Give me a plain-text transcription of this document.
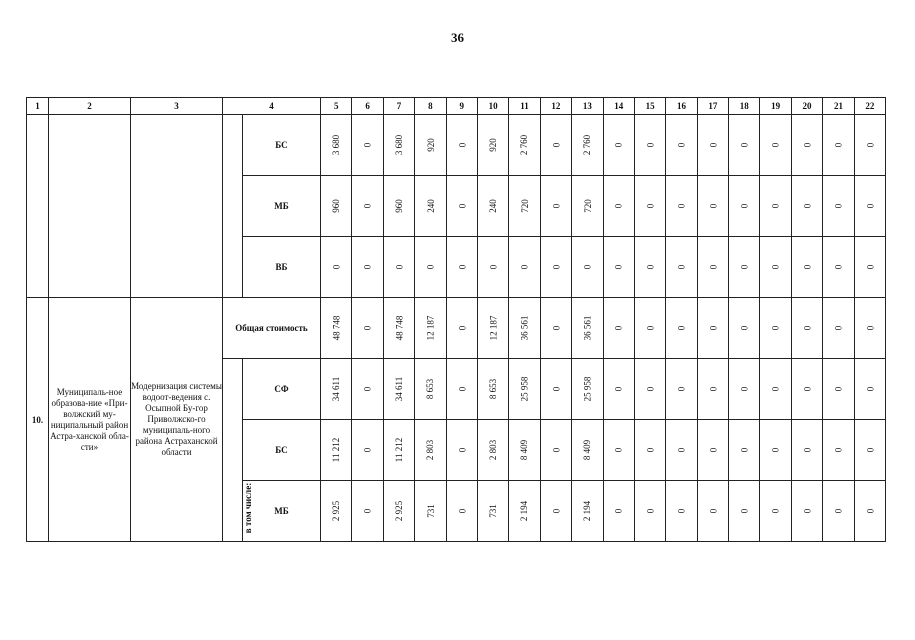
36
1	2	3	4		5	6	7	8	9	10	11	12	13	14	15	16	17	18	19	20	21	22
				БС	3 680	0	3 680	920	0	920	2 760	0	2 760	0	0	0	0	0	0	0	0	0
				МБ	960	0	960	240	0	240	720	0	720	0	0	0	0	0	0	0	0	0
				ВБ	0	0	0	0	0	0	0	0	0	0	0	0	0	0	0	0	0	0
10.	Муниципаль-ное образова-ние «При-волжский му-ниципальный район Астра-ханской обла-сти»	Модернизация системы водоот-ведения с. Осыпной Бу-гор Приволжско-го муниципаль-ного района Астраханской области	Общая стоимость		48 748	0	48 748	12 187	0	12 187	36 561	0	36 561	0	0	0	0	0	0	0	0	0
			в том числе:	СФ	34 611	0	34 611	8 653	0	8 653	25 958	0	25 958	0	0	0	0	0	0	0	0	0
				БС	11 212	0	11 212	2 803	0	2 803	8 409	0	8 409	0	0	0	0	0	0	0	0	0
				МБ	2 925	0	2 925	731	0	731	2 194	0	2 194	0	0	0	0	0	0	0	0	0
